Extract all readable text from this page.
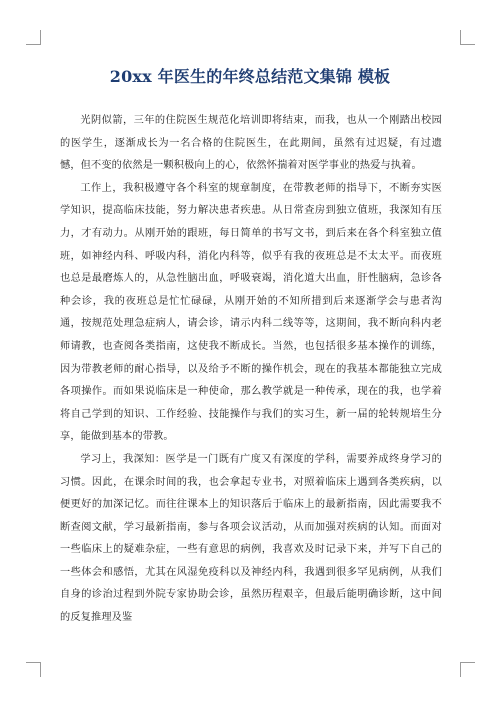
20xx 年医生的年终总结范文集锦 模板

光阴似箭，三年的住院医生规范化培训即将结束，而我，也从一个刚踏出校园的医学生，逐渐成长为一名合格的住院医生，在此期间，虽然有过迟疑，有过遗憾，但不变的依然是一颗积极向上的心，依然怀揣着对医学事业的热爱与执着。

工作上，我积极遵守各个科室的规章制度，在带教老师的指导下，不断夯实医学知识，提高临床技能，努力解决患者疾患。从日常查房到独立值班，我深知有压力，才有动力。从刚开始的跟班，每日简单的书写文书，到后来在各个科室独立值班，如神经内科、呼吸内科，消化内科等，似乎有我的夜班总是不太太平。而夜班也总是最磨炼人的，从急性脑出血，呼吸衰竭，消化道大出血，肝性脑病，急诊各种会诊，我的夜班总是忙忙碌碌，从刚开始的不知所措到后来逐渐学会与患者沟通，按规范处理急症病人，请会诊，请示内科二线等等，这期间，我不断向科内老师请教，也查阅各类指南，这使我不断成长。当然，也包括很多基本操作的训练，因为带教老师的耐心指导，以及给予不断的操作机会，现在的我基本都能独立完成各项操作。而如果说临床是一种使命，那么教学就是一种传承，现在的我，也学着将自己学到的知识、工作经验、技能操作与我们的实习生，新一届的轮转规培生分享，能做到基本的带教。

学习上，我深知：医学是一门既有广度又有深度的学科，需要养成终身学习的习惯。因此，在课余时间的我，也会拿起专业书，对照着临床上遇到各类疾病，以便更好的加深记忆。而往往课本上的知识落后于临床上的最新指南，因此需要我不断查阅文献，学习最新指南，参与各项会议活动，从而加强对疾病的认知。而面对一些临床上的疑难杂症，一些有意思的病例，我喜欢及时记录下来，并写下自己的一些体会和感悟，尤其在风湿免疫科以及神经内科，我遇到很多罕见病例，从我们自身的诊治过程到外院专家协助会诊，虽然历程艰辛，但最后能明确诊断，这中间的反复推理及鉴
